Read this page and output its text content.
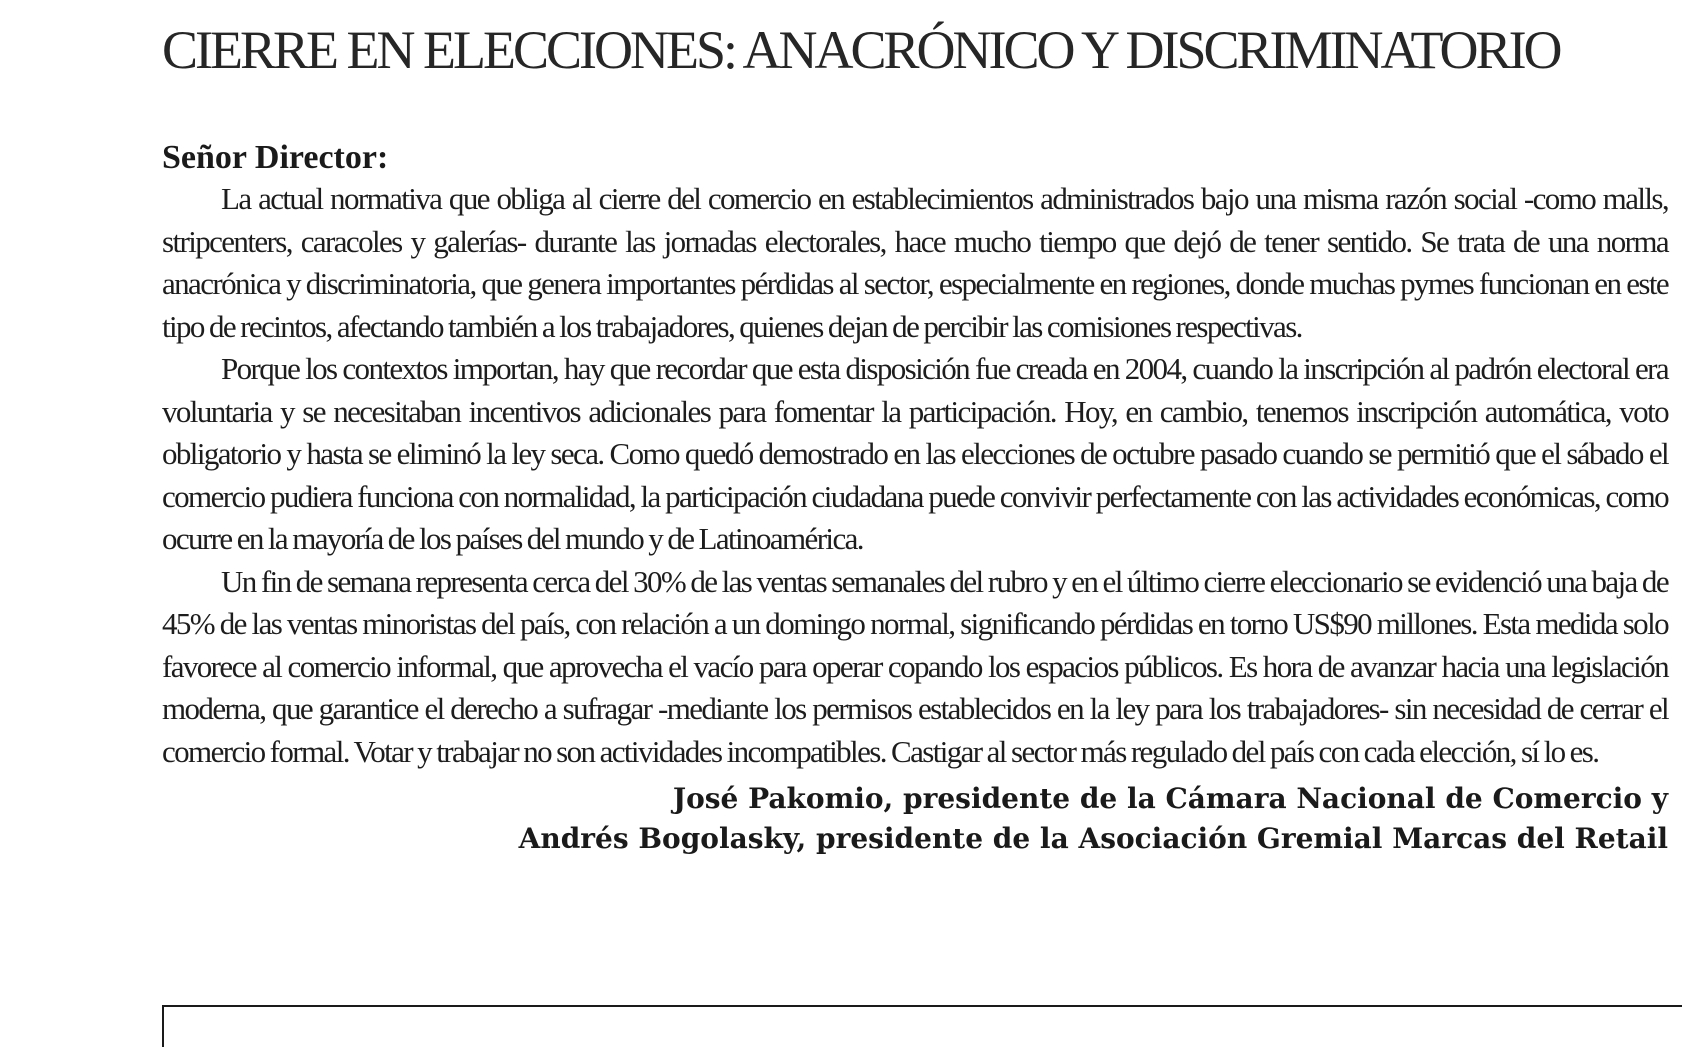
CIERRE EN ELECCIONES: ANACRÓNICO Y DISCRIMINATORIO
Señor Director:

La actual normativa que obliga al cierre del comercio en establecimientos administrados bajo una misma razón social -como malls, stripcenters, caracoles y galerías- durante las jornadas electorales, hace mucho tiempo que dejó de tener sentido. Se trata de una norma anacrónica y discriminatoria, que genera importantes pérdidas al sector, especialmente en regiones, donde muchas pymes funcionan en este tipo de recintos, afectando también a los trabajadores, quienes dejan de percibir las comisiones respectivas.

Porque los contextos importan, hay que recordar que esta disposición fue creada en 2004, cuando la inscripción al padrón electoral era voluntaria y se necesitaban incentivos adicionales para fomentar la participación. Hoy, en cambio, tenemos inscripción automática, voto obligatorio y hasta se eliminó la ley seca. Como quedó demostrado en las elecciones de octubre pasado cuando se permitió que el sábado el comercio pudiera funciona con normalidad, la participación ciudadana puede convivir perfectamente con las actividades económicas, como ocurre en la mayoría de los países del mundo y de Latinoamérica.

Un fin de semana representa cerca del 30% de las ventas semanales del rubro y en el último cierre eleccionario se evidenció una baja de 45% de las ventas minoristas del país, con relación a un domingo normal, significando pérdidas en torno US$90 millones. Esta medida solo favorece al comercio informal, que aprovecha el vacío para operar copando los espacios públicos. Es hora de avanzar hacia una legislación moderna, que garantice el derecho a sufragar -mediante los permisos establecidos en la ley para los trabajadores- sin necesidad de cerrar el comercio formal. Votar y trabajar no son actividades incompatibles. Castigar al sector más regulado del país con cada elección, sí lo es.

José Pakomio, presidente de la Cámara Nacional de Comercio y
Andrés Bogolasky, presidente de la Asociación Gremial Marcas del Retail
